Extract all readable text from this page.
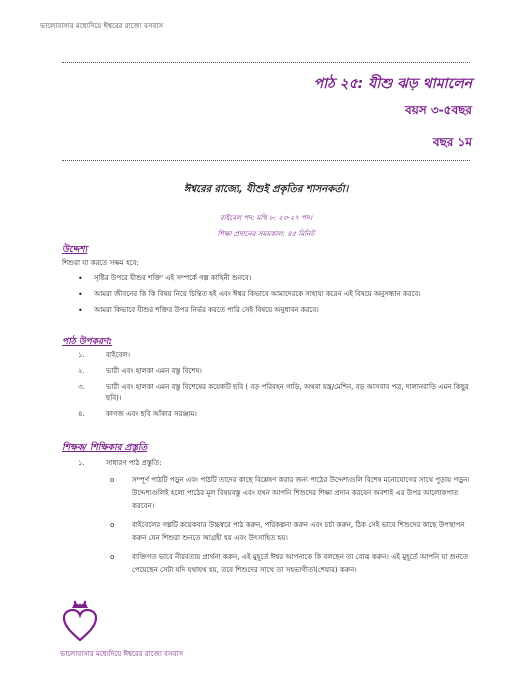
ভালোবাসার মধ্যেদিয়ে ঈশ্বরের রাজ্যে বসবাস
পাঠ ২৫: যীশু ঝড় থামালেন
বয়স ৩-৫বছর
বছর ১ম
ঈশ্বরের রাজ্যে, যীশুই প্রকৃতির শাসনকর্তা।
বাইবেল পদ: মথি ৮: ২৩-২৭ পদ।
শিক্ষা প্রদানের সময়কাল: ৪৫ মিনিট
উদ্দেশ্য
শিশুরা যা করতে সক্ষম হবে:
• সৃষ্টির উপরে যীশুর শক্তি' এই সম্পর্কে গল্প কাহিনী শুনবে।
• আমরা জীবনের কি কি বিষয় নিয়ে চিন্তিত হই এবং ঈশ্বর কিভাবে আমাদেরকে সাহায্য করেন এই বিষয়ে অনুসন্ধান করবে।
• আমরা কিভাবে যীশুর শক্তির উপর নির্ভর করতে পারি সেই বিষয়ে অনুধাবন করবে।
পাঠ উপকরণ:
১.	বাইবেল।
২.	ভারী এবং হালকা এমন বস্তু বিশেষ।
৩.	ভারী এবং হালকা এমন বস্তু বিশেষের কয়েকটি ছবি ( বড় পরিবহন গাড়ি, অথবা যন্ত্র/মেশিন, বড় আসবাব পত্র, দালানবাড়ি এমন কিছুর ছবি)।
৪.	কাগজ এবং ছবি আঁকার সরঞ্জাম।
শিক্ষক/ শিক্ষিকার প্রস্তুতি
১.	সাধারণ পাঠ প্রস্তুতি:
o	সম্পূর্ণ পাঠটি পড়ুন এবং পাঠটি তাদের কাছে বিশ্লেষণ করার জন্য পাঠের উদ্দেশ্যগুলি বিশেষ মনোযোগের সাথে পুড়ায় পড়ুন। উদ্দেশ্যগুলিই হলো পাঠের মূল বিষয়বস্তু এবং যখন আপনি শিশুদের শিক্ষা প্রদান করবেন অবশ্যই এর উপর আলোকপাত করবেন।
o	বাইবেলের গল্পটি কয়েকবার উচ্চস্বরে পাঠ করুন, পরিকল্পনা করুন এবং চর্চা করুন, ঠিক সেই ভাবে শিশুদের কাছে উপস্থাপন করুন যেন শিশুরা শুনতে আগ্রহী হয় এবং উৎসাহিত হয়।
o	ব্যক্তিগত ভাবে নীরবতায় প্রার্থনা করুন, এই মুহূর্তে ঈশ্বর আপনাকে কি বলছেন তা বোঝ করুন। এই মুহূর্তে আপনি যা শুনতে পেয়েছেন সেটা যদি যথাযথ হয়, তবে শিশুদের সাথে তা সহভাগীতা(শেয়ার) করুন।
ভালোবাসার মধ্যেদিয়ে ঈশ্বরের রাজ্যে বসবাস
